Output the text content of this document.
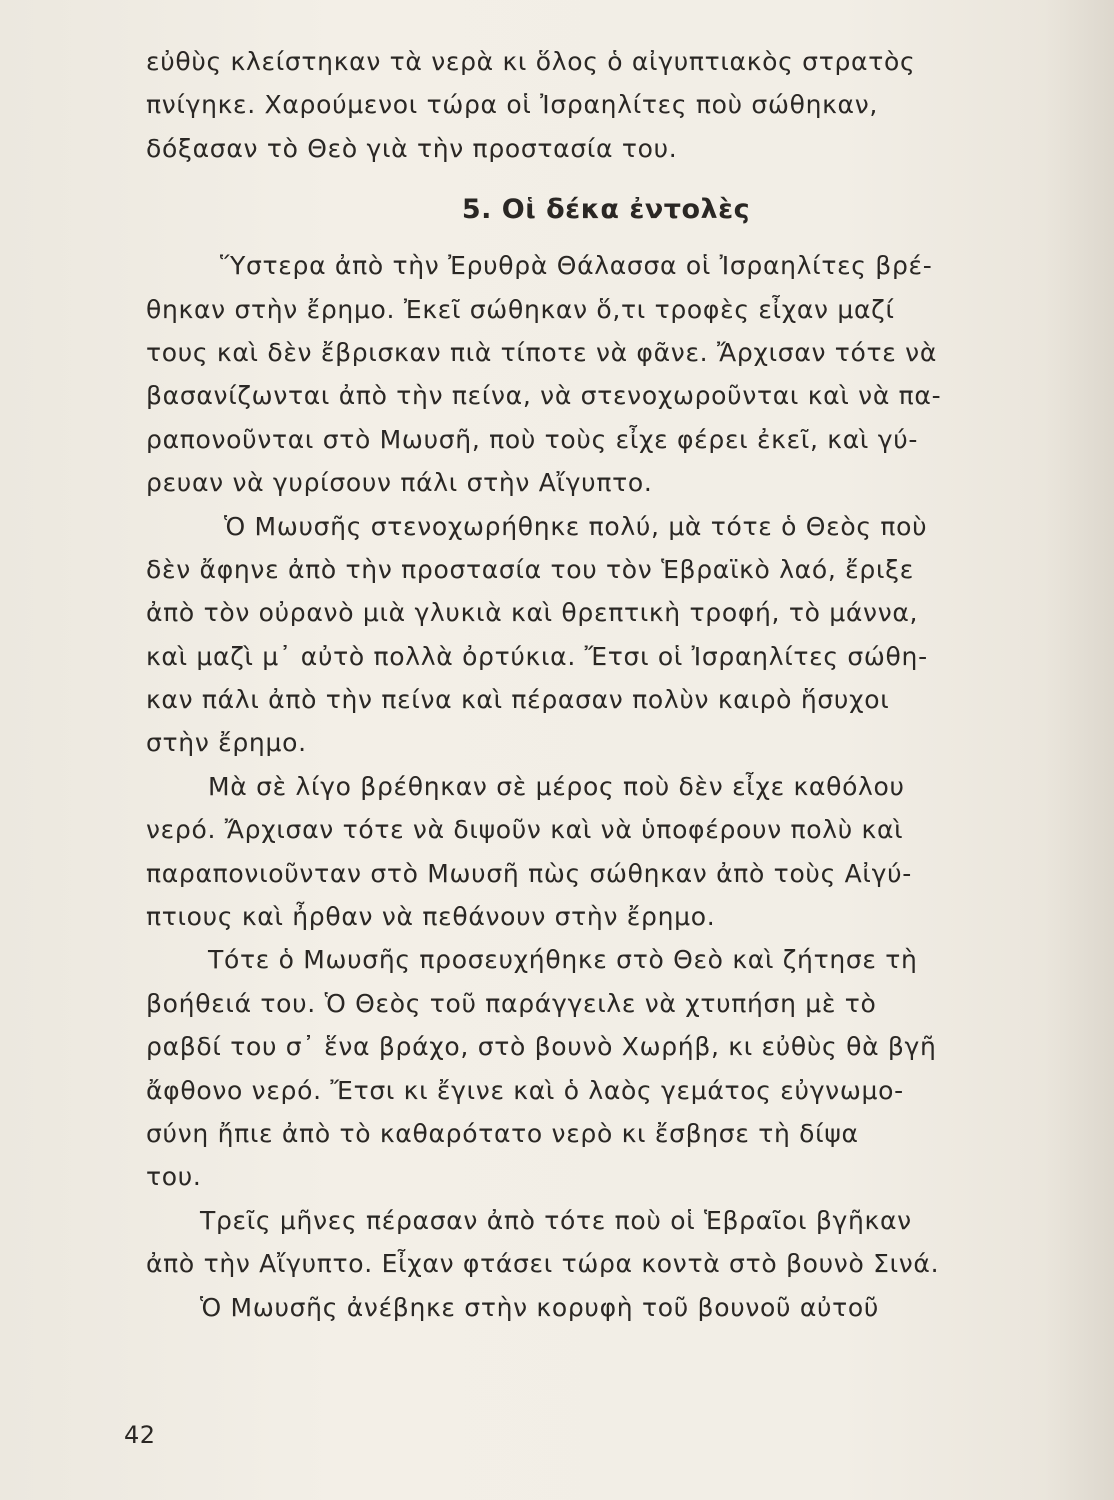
εὐθὺς κλείστηκαν τὰ νερὰ κι ὅλος ὁ αἰγυπτιακὸς στρατὸς
πνίγηκε. Χαρούμενοι τώρα οἱ Ἰσραηλίτες ποὺ σώθηκαν,
δόξασαν τὸ Θεὸ γιὰ τὴν προστασία του.
5. Οἱ δέκα ἐντολὲς
Ὕστερα ἀπὸ τὴν Ἐρυθρὰ Θάλασσα οἱ Ἰσραηλίτες βρέ-
θηκαν στὴν ἔρημο. Ἐκεῖ σώθηκαν ὅ,τι τροφὲς εἶχαν μαζί
τους καὶ δὲν ἔβρισκαν πιὰ τίποτε νὰ φᾶνε. Ἄρχισαν τότε νὰ
βασανίζωνται ἀπὸ τὴν πείνα, νὰ στενοχωροῦνται καὶ νὰ πα-
ραπονοῦνται στὸ Μωυσῆ, ποὺ τοὺς εἶχε φέρει ἐκεῖ, καὶ γύ-
ρευαν νὰ γυρίσουν πάλι στὴν Αἴγυπτο.
Ὁ Μωυσῆς στενοχωρήθηκε πολύ, μὰ τότε ὁ Θεὸς ποὺ
δὲν ἄφηνε ἀπὸ τὴν προστασία του τὸν Ἑβραϊκὸ λαό, ἔριξε
ἀπὸ τὸν οὐρανὸ μιὰ γλυκιὰ καὶ θρεπτικὴ τροφή, τὸ μάννα,
καὶ μαζὶ μ᾽ αὐτὸ πολλὰ ὀρτύκια. Ἔτσι οἱ Ἰσραηλίτες σώθη-
καν πάλι ἀπὸ τὴν πείνα καὶ πέρασαν πολὺν καιρὸ ἥσυχοι
στὴν ἔρημο.
Μὰ σὲ λίγο βρέθηκαν σὲ μέρος ποὺ δὲν εἶχε καθόλου
νερό. Ἄρχισαν τότε νὰ διψοῦν καὶ νὰ ὑποφέρουν πολὺ καὶ
παραπονιοῦνταν στὸ Μωυσῆ πὼς σώθηκαν ἀπὸ τοὺς Αἰγύ-
πτιους καὶ ἦρθαν νὰ πεθάνουν στὴν ἔρημο.
Τότε ὁ Μωυσῆς προσευχήθηκε στὸ Θεὸ καὶ ζήτησε τὴ
βοήθειά του. Ὁ Θεὸς τοῦ παράγγειλε νὰ χτυπήση μὲ τὸ
ραβδί του σ᾽ ἕνα βράχο, στὸ βουνὸ Χωρήβ, κι εὐθὺς θὰ βγῆ
ἄφθονο νερό. Ἔτσι κι ἔγινε καὶ ὁ λαὸς γεμάτος εὐγνωμο-
σύνη ἤπιε ἀπὸ τὸ καθαρότατο νερὸ κι ἔσβησε τὴ δίψα
του.
Τρεῖς μῆνες πέρασαν ἀπὸ τότε ποὺ οἱ Ἑβραῖοι βγῆκαν
ἀπὸ τὴν Αἴγυπτο. Εἶχαν φτάσει τώρα κοντὰ στὸ βουνὸ Σινά.
Ὁ Μωυσῆς ἀνέβηκε στὴν κορυφὴ τοῦ βουνοῦ αὐτοῦ
42
